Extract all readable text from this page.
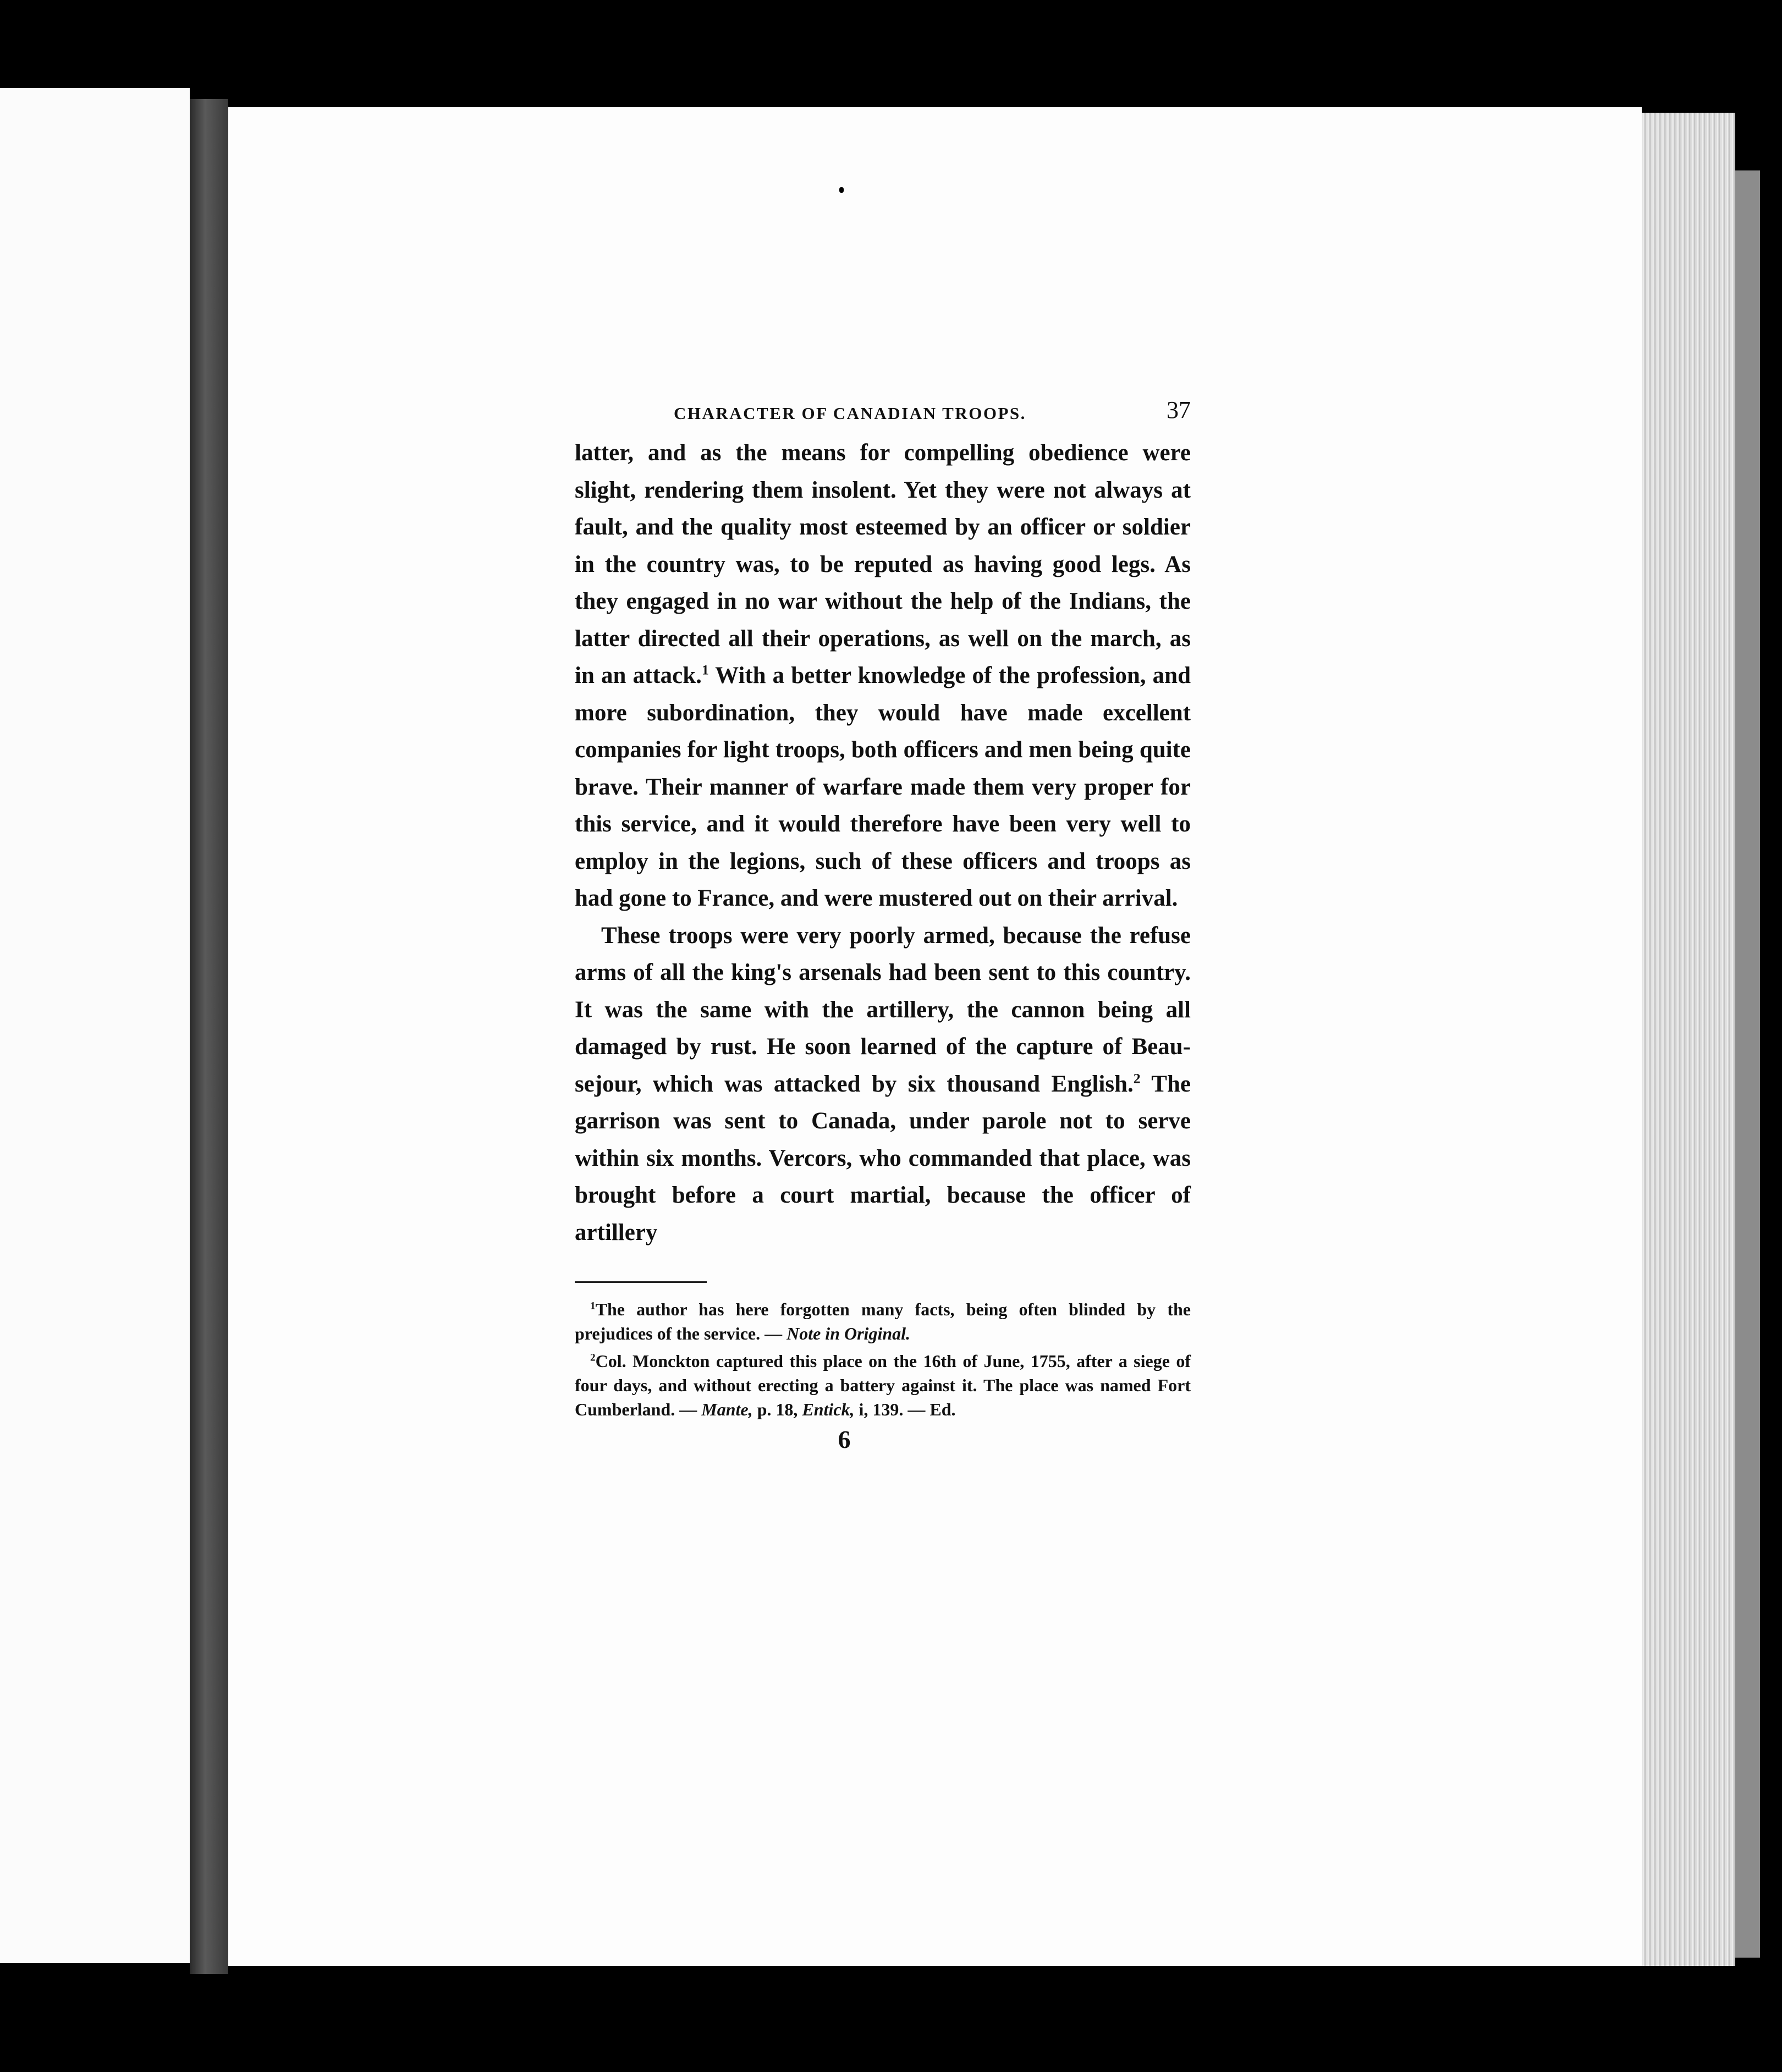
CHARACTER OF CANADIAN TROOPS.	37

latter, and as the means for compelling obedience were slight, rendering them insolent. Yet they were not always at fault, and the quality most esteemed by an officer or soldier in the country was, to be reputed as having good legs. As they engaged in no war without the help of the Indians, the latter directed all their operations, as well on the march, as in an attack.$^1$ With a better knowledge of the profession, and more subordination, they would have made excellent companies for light troops, both officers and men being quite brave. Their manner of warfare made them very proper for this service, and it would therefore have been very well to employ in the legions, such of these officers and troops as had gone to France, and were mustered out on their arrival.

These troops were very poorly armed, because the refuse arms of all the king's arsenals had been sent to this country. It was the same with the artillery, the cannon being all damaged by rust. He soon learned of the capture of Beau-sejour, which was attacked by six thousand English.$^2$ The garrison was sent to Canada, under parole not to serve within six months. Vercors, who commanded that place, was brought before a court martial, because the officer of artillery

$^1$The author has here forgotten many facts, being often blinded by the prejudices of the service. — Note in Original.

$^2$Col. Monckton captured this place on the 16th of June, 1755, after a siege of four days, and without erecting a battery against it. The place was named Fort Cumberland. — Mante, p. 18, Entick, i, 139. — Ed.

6
